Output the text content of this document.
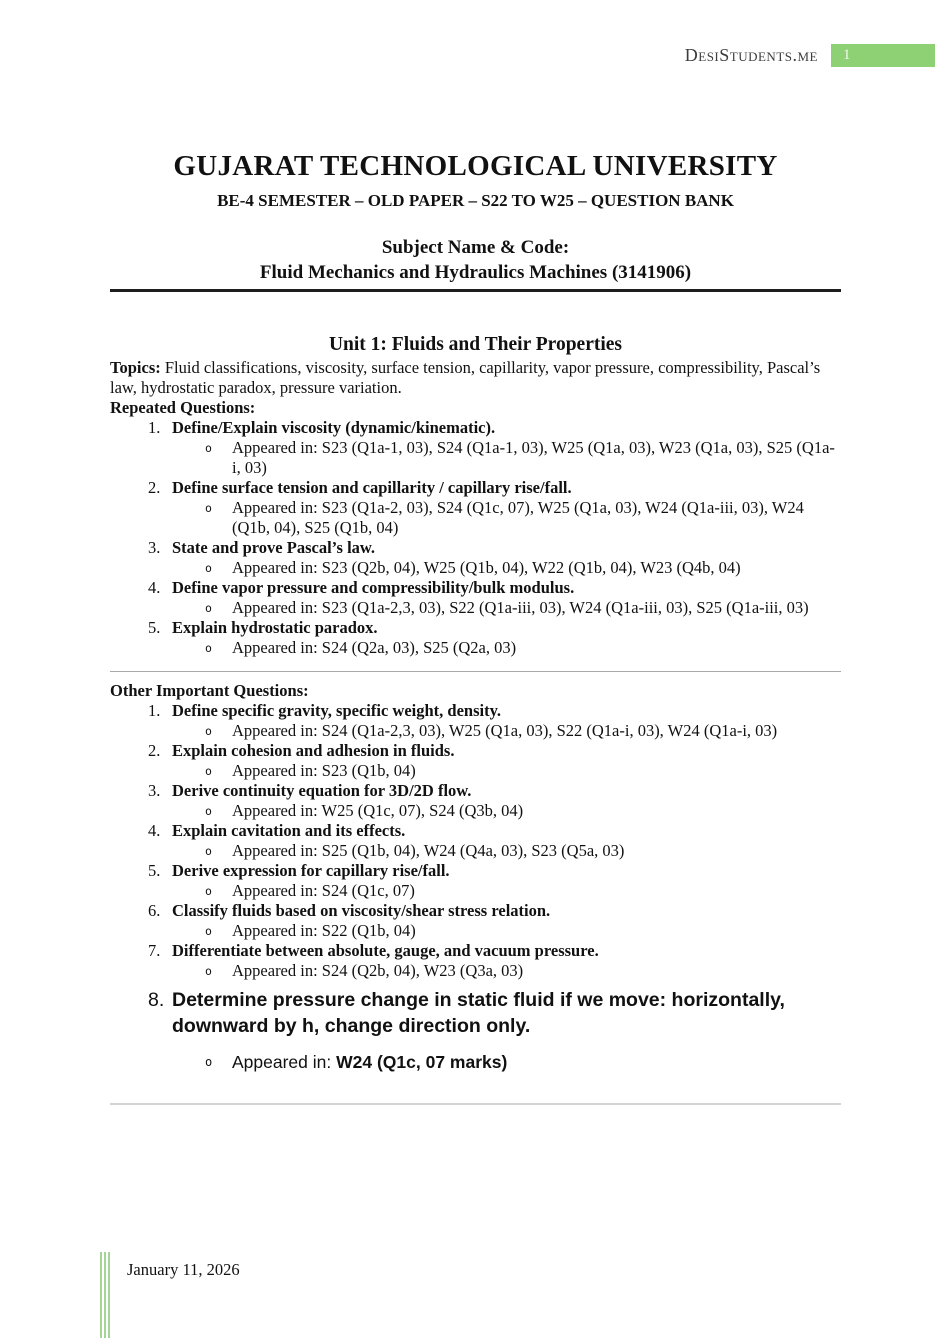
DesiStudents.me 1
GUJARAT TECHNOLOGICAL UNIVERSITY
BE-4 SEMESTER – OLD PAPER – S22 TO W25 – QUESTION BANK
Subject Name & Code:
Fluid Mechanics and Hydraulics Machines (3141906)
Unit 1: Fluids and Their Properties
Topics: Fluid classifications, viscosity, surface tension, capillarity, vapor pressure, compressibility, Pascal’s law, hydrostatic paradox, pressure variation.
Repeated Questions:
1. Define/Explain viscosity (dynamic/kinematic).
o	Appeared in: S23 (Q1a-1, 03), S24 (Q1a-1, 03), W25 (Q1a, 03), W23 (Q1a, 03), S25 (Q1a-i, 03)
2. Define surface tension and capillarity / capillary rise/fall.
o	Appeared in: S23 (Q1a-2, 03), S24 (Q1c, 07), W25 (Q1a, 03), W24 (Q1a-iii, 03), W24 (Q1b, 04), S25 (Q1b, 04)
3. State and prove Pascal’s law.
o	Appeared in: S23 (Q2b, 04), W25 (Q1b, 04), W22 (Q1b, 04), W23 (Q4b, 04)
4. Define vapor pressure and compressibility/bulk modulus.
o	Appeared in: S23 (Q1a-2,3, 03), S22 (Q1a-iii, 03), W24 (Q1a-iii, 03), S25 (Q1a-iii, 03)
5. Explain hydrostatic paradox.
o	Appeared in: S24 (Q2a, 03), S25 (Q2a, 03)
Other Important Questions:
1. Define specific gravity, specific weight, density.
o	Appeared in: S24 (Q1a-2,3, 03), W25 (Q1a, 03), S22 (Q1a-i, 03), W24 (Q1a-i, 03)
2. Explain cohesion and adhesion in fluids.
o	Appeared in: S23 (Q1b, 04)
3. Derive continuity equation for 3D/2D flow.
o	Appeared in: W25 (Q1c, 07), S24 (Q3b, 04)
4. Explain cavitation and its effects.
o	Appeared in: S25 (Q1b, 04), W24 (Q4a, 03), S23 (Q5a, 03)
5. Derive expression for capillary rise/fall.
o	Appeared in: S24 (Q1c, 07)
6. Classify fluids based on viscosity/shear stress relation.
o	Appeared in: S22 (Q1b, 04)
7. Differentiate between absolute, gauge, and vacuum pressure.
o	Appeared in: S24 (Q2b, 04), W23 (Q3a, 03)
8. Determine pressure change in static fluid if we move: horizontally,
downward by h, change direction only.
o	Appeared in: W24 (Q1c, 07 marks)
January 11, 2026
